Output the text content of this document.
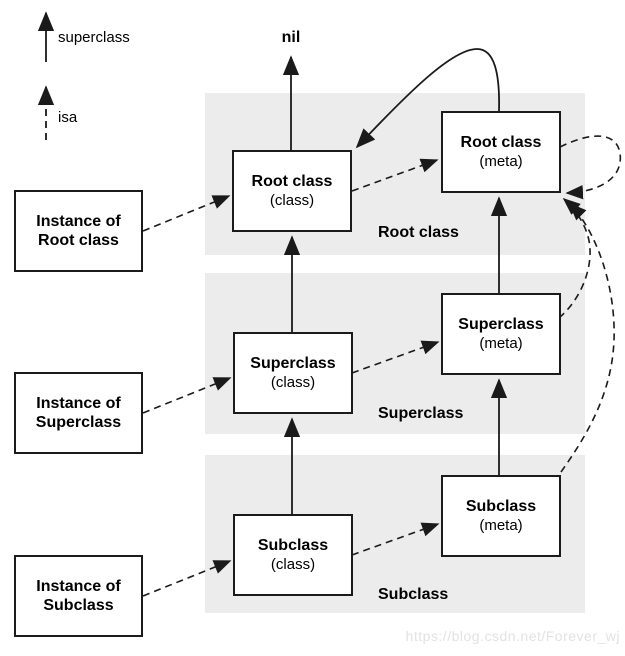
superclass
isa
nil
Root class
(class)
Root class
(meta)
Superclass
(class)
Superclass
(meta)
Subclass
(class)
Subclass
(meta)
Instance of
Root class
Instance of
Superclass
Instance of
Subclass
Root class
Superclass
Subclass
https://blog.csdn.net/Forever_wj
